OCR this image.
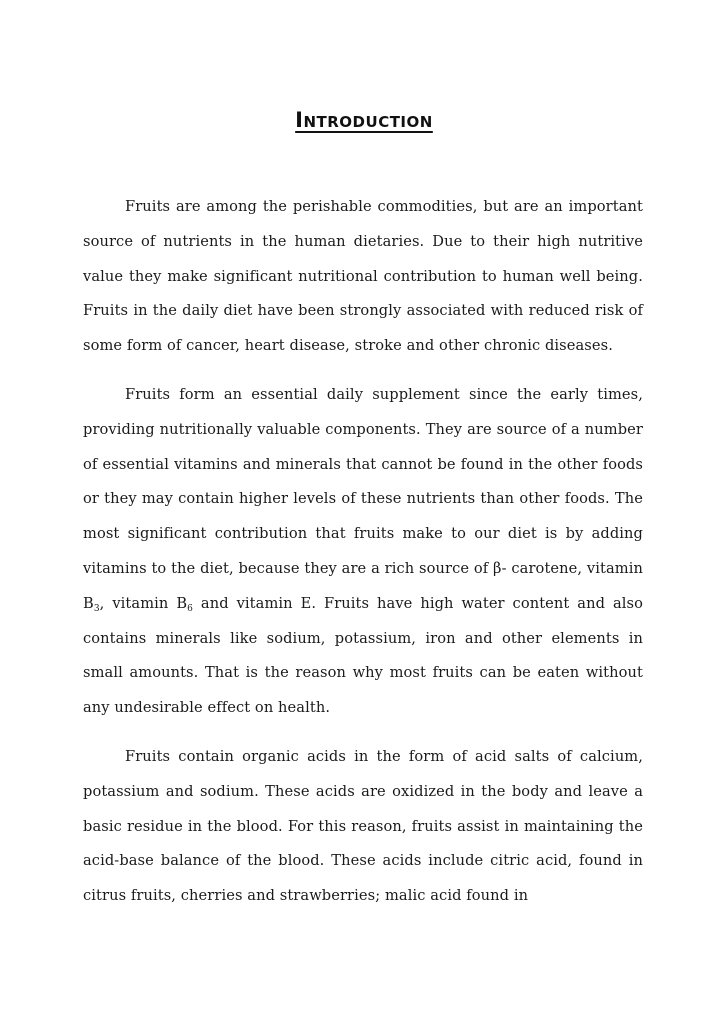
Introduction

Fruits are among the perishable commodities, but are an important source of nutrients in the human dietaries. Due to their high nutritive value they make significant nutritional contribution to human well being. Fruits in the daily diet have been strongly associated with reduced risk of some form of cancer, heart disease, stroke and other chronic diseases.

Fruits form an essential daily supplement since the early times, providing nutritionally valuable components. They are source of a number of essential vitamins and minerals that cannot be found in the other foods or they may contain higher levels of these nutrients than other foods. The most significant contribution that fruits make to our diet is by adding vitamins to the diet, because they are a rich source of β- carotene, vitamin $B_3$, vitamin $B_6$ and vitamin E. Fruits have high water content and also contains minerals like sodium, potassium, iron and other elements in small amounts. That is the reason why most fruits can be eaten without any undesirable effect on health.

Fruits contain organic acids in the form of acid salts of calcium, potassium and sodium. These acids are oxidized in the body and leave a basic residue in the blood. For this reason, fruits assist in maintaining the acid-base balance of the blood. These acids include citric acid, found in citrus fruits, cherries and strawberries; malic acid found in
